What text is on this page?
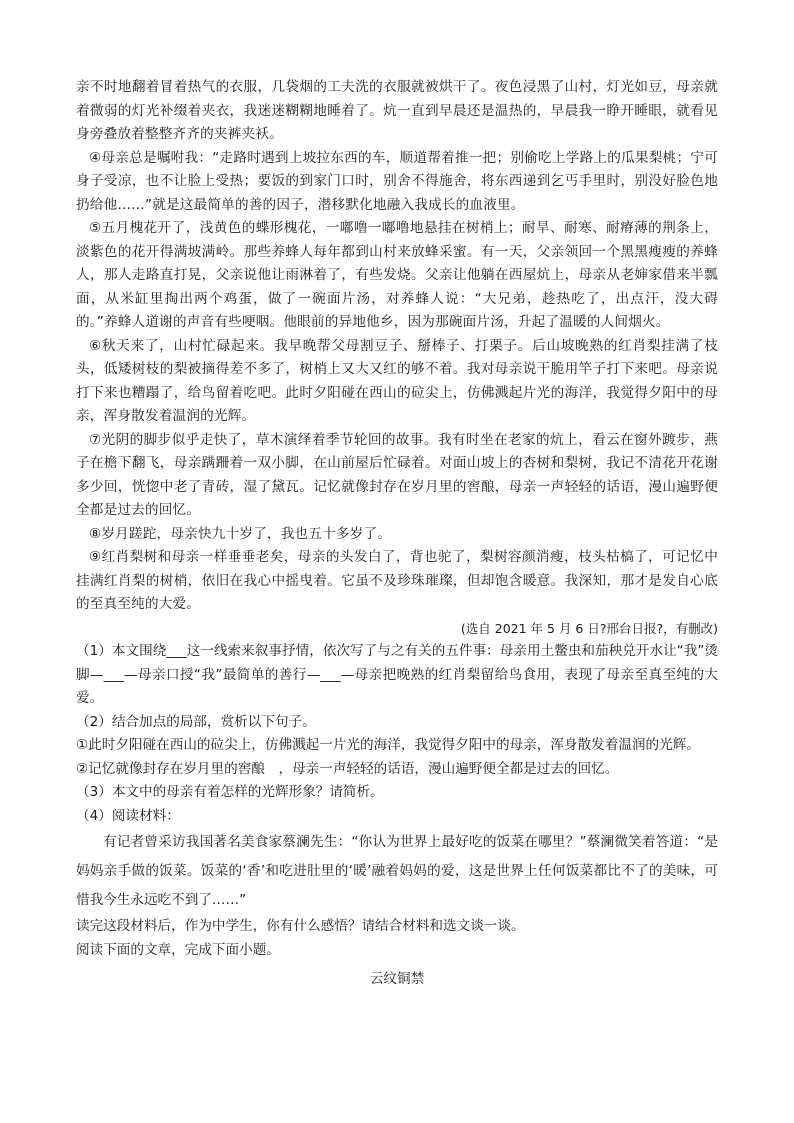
亲不时地翻着冒着热气的衣服，几袋烟的工夫洗的衣服就被烘干了。夜色浸黑了山村，灯光如豆，母亲就着微弱的灯光补缀着夹衣，我迷迷糊糊地睡着了。炕一直到早晨还是温热的，早晨我一睁开睡眼，就看见身旁叠放着整整齐齐的夹裤夹袄。

④母亲总是嘱咐我：“走路时遇到上坡拉东西的车，顺道帮着推一把；别偷吃上学路上的瓜果梨桃；宁可身子受凉，也不让脸上受热；要饭的到家门口时，别舍不得施舍，将东西递到乞丐手里时，别没好脸色地扔给他……”就是这最简单的善的因子，潜移默化地融入我成长的血液里。

⑤五月槐花开了，浅黄色的蝶形槐花，一嘟噜一嘟噜地悬挂在树梢上；耐旱、耐寒、耐瘠薄的荆条上，淡紫色的花开得满坡满岭。那些养蜂人每年都到山村来放蜂采蜜。有一天，父亲领回一个黑黑瘦瘦的养蜂人，那人走路直打晃，父亲说他让雨淋着了，有些发烧。父亲让他躺在西屋炕上，母亲从老婶家借来半瓢面，从米缸里掏出两个鸡蛋，做了一碗面片汤，对养蜂人说：“大兄弟，趁热吃了，出点汗，没大碍的。”养蜂人道谢的声音有些哽咽。他眼前的异地他乡，因为那碗面片汤，升起了温暖的人间烟火。

⑥秋天来了，山村忙碌起来。我早晚帮父母割豆子、掰棒子、打栗子。后山坡晚熟的红肖梨挂满了枝头，低矮树枝的梨被摘得差不多了，树梢上又大又红的够不着。我对母亲说干脆用竿子打下来吧。母亲说打下来也糟蹋了，给鸟留着吃吧。此时夕阳碰在西山的砬尖上，仿佛溅起片光的海洋，我觉得夕阳中的母亲，浑身散发着温润的光辉。

⑦光阴的脚步似乎走快了，草木演绎着季节轮回的故事。我有时坐在老家的炕上，看云在窗外踱步，燕子在檐下翻飞，母亲蹒跚着一双小脚，在山前屋后忙碌着。对面山坡上的杏树和梨树，我记不清花开花谢多少回，恍惚中老了青砖，湿了黛瓦。记忆就像封存在岁月里的窖酿，母亲一声轻轻的话语，漫山遍野便全都是过去的回忆。

⑧岁月蹉跎，母亲快九十岁了，我也五十多岁了。

⑨红肖梨树和母亲一样垂垂老矣，母亲的头发白了，背也驼了，梨树容颜消瘦，枝头枯槁了，可记忆中挂满红肖梨的树梢，依旧在我心中摇曳着。它虽不及珍珠璀璨，但却饱含暖意。我深知，那才是发自心底的至真至纯的大爱。

(选自 2021 年 5 月 6 日?邢台日报?，有删改)

（1）本文围绕___这一线索来叙事抒情，依次写了与之有关的五件事：母亲用土鳖虫和茄秧兑开水让“我”烫脚—___—母亲口授“我”最简单的善行—___—母亲把晚熟的红肖梨留给鸟食用，表现了母亲至真至纯的大爱。

（2）结合加点的局部，赏析以下句子。

①此时夕阳碰在西山的砬尖上，仿佛溅起一片光的海洋，我觉得夕阳中的母亲，浑身散发着温润的光辉。

②记忆就像封存在岁月里的窖酿　，母亲一声轻轻的话语，漫山遍野便全都是过去的回忆。

（3）本文中的母亲有着怎样的光辉形象？请简析。

（4）阅读材料：

有记者曾采访我国著名美食家蔡澜先生：“你认为世界上最好吃的饭菜在哪里？”蔡澜微笑着答道：“是妈妈亲手做的饭菜。饭菜的‘香’和吃进肚里的‘暖’融着妈妈的爱，这是世界上任何饭菜都比不了的美味，可惜我今生永远吃不到了……”

读完这段材料后，作为中学生，你有什么感悟？请结合材料和选文谈一谈。

阅读下面的文章，完成下面小题。

云纹铜禁
